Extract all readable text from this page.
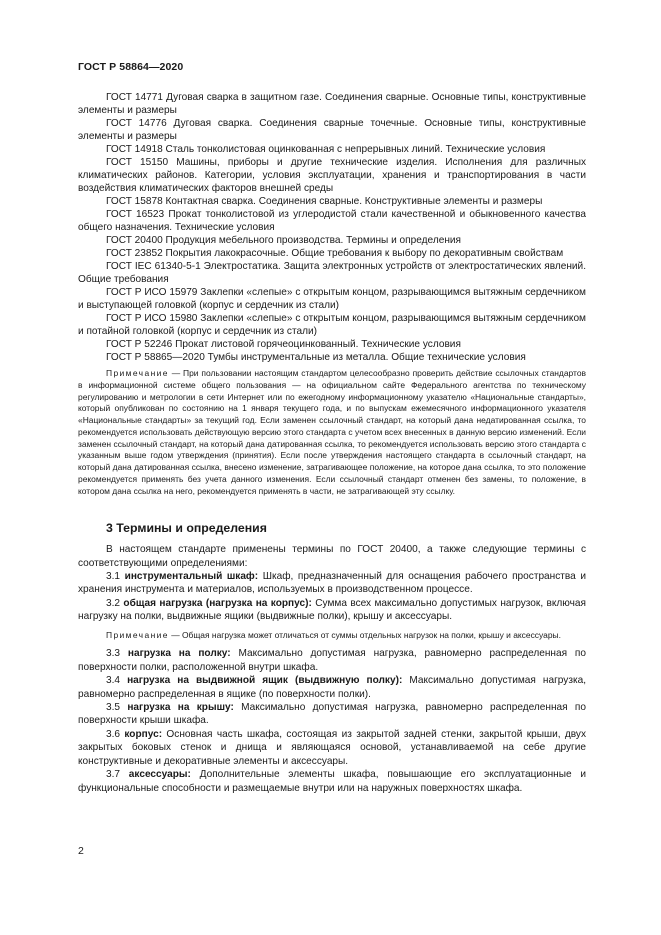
ГОСТ Р 58864—2020

ГОСТ 14771 Дуговая сварка в защитном газе. Соединения сварные. Основные типы, конструктивные элементы и размеры

ГОСТ 14776 Дуговая сварка. Соединения сварные точечные. Основные типы, конструктивные элементы и размеры

ГОСТ 14918 Сталь тонколистовая оцинкованная с непрерывных линий. Технические условия

ГОСТ 15150 Машины, приборы и другие технические изделия. Исполнения для различных климатических районов. Категории, условия эксплуатации, хранения и транспортирования в части воздействия климатических факторов внешней среды

ГОСТ 15878 Контактная сварка. Соединения сварные. Конструктивные элементы и размеры

ГОСТ 16523 Прокат тонколистовой из углеродистой стали качественной и обыкновенного качества общего назначения. Технические условия

ГОСТ 20400 Продукция мебельного производства. Термины и определения

ГОСТ 23852 Покрытия лакокрасочные. Общие требования к выбору по декоративным свойствам

ГОСТ IEC 61340-5-1 Электростатика. Защита электронных устройств от электростатических явлений. Общие требования

ГОСТ Р ИСО 15979 Заклепки «слепые» с открытым концом, разрывающимся вытяжным сердечником и выступающей головкой (корпус и сердечник из стали)

ГОСТ Р ИСО 15980 Заклепки «слепые» с открытым концом, разрывающимся вытяжным сердечником и потайной головкой (корпус и сердечник из стали)

ГОСТ Р 52246 Прокат листовой горячеоцинкованный. Технические условия

ГОСТ Р 58865—2020 Тумбы инструментальные из металла. Общие технические условия

Примечание — При пользовании настоящим стандартом целесообразно проверить действие ссылочных стандартов в информационной системе общего пользования — на официальном сайте Федерального агентства по техническому регулированию и метрологии в сети Интернет или по ежегодному информационному указателю «Национальные стандарты», который опубликован по состоянию на 1 января текущего года, и по выпускам ежемесячного информационного указателя «Национальные стандарты» за текущий год. Если заменен ссылочный стандарт, на который дана недатированная ссылка, то рекомендуется использовать действующую версию этого стандарта с учетом всех внесенных в данную версию изменений. Если заменен ссылочный стандарт, на который дана датированная ссылка, то рекомендуется использовать версию этого стандарта с указанным выше годом утверждения (принятия). Если после утверждения настоящего стандарта в ссылочный стандарт, на который дана датированная ссылка, внесено изменение, затрагивающее положение, на которое дана ссылка, то это положение рекомендуется применять без учета данного изменения. Если ссылочный стандарт отменен без замены, то положение, в котором дана ссылка на него, рекомендуется применять в части, не затрагивающей эту ссылку.

3 Термины и определения

В настоящем стандарте применены термины по ГОСТ 20400, а также следующие термины с соответствующими определениями:

3.1 инструментальный шкаф: Шкаф, предназначенный для оснащения рабочего пространства и хранения инструмента и материалов, используемых в производственном процессе.

3.2 общая нагрузка (нагрузка на корпус): Сумма всех максимально допустимых нагрузок, включая нагрузку на полки, выдвижные ящики (выдвижные полки), крышу и аксессуары.

Примечание — Общая нагрузка может отличаться от суммы отдельных нагрузок на полки, крышу и аксессуары.

3.3 нагрузка на полку: Максимально допустимая нагрузка, равномерно распределенная по поверхности полки, расположенной внутри шкафа.

3.4 нагрузка на выдвижной ящик (выдвижную полку): Максимально допустимая нагрузка, равномерно распределенная в ящике (по поверхности полки).

3.5 нагрузка на крышу: Максимально допустимая нагрузка, равномерно распределенная по поверхности крыши шкафа.

3.6 корпус: Основная часть шкафа, состоящая из закрытой задней стенки, закрытой крыши, двух закрытых боковых стенок и днища и являющаяся основой, устанавливаемой на себе другие конструктивные и декоративные элементы и аксессуары.

3.7 аксессуары: Дополнительные элементы шкафа, повышающие его эксплуатационные и функциональные способности и размещаемые внутри или на наружных поверхностях шкафа.

2
